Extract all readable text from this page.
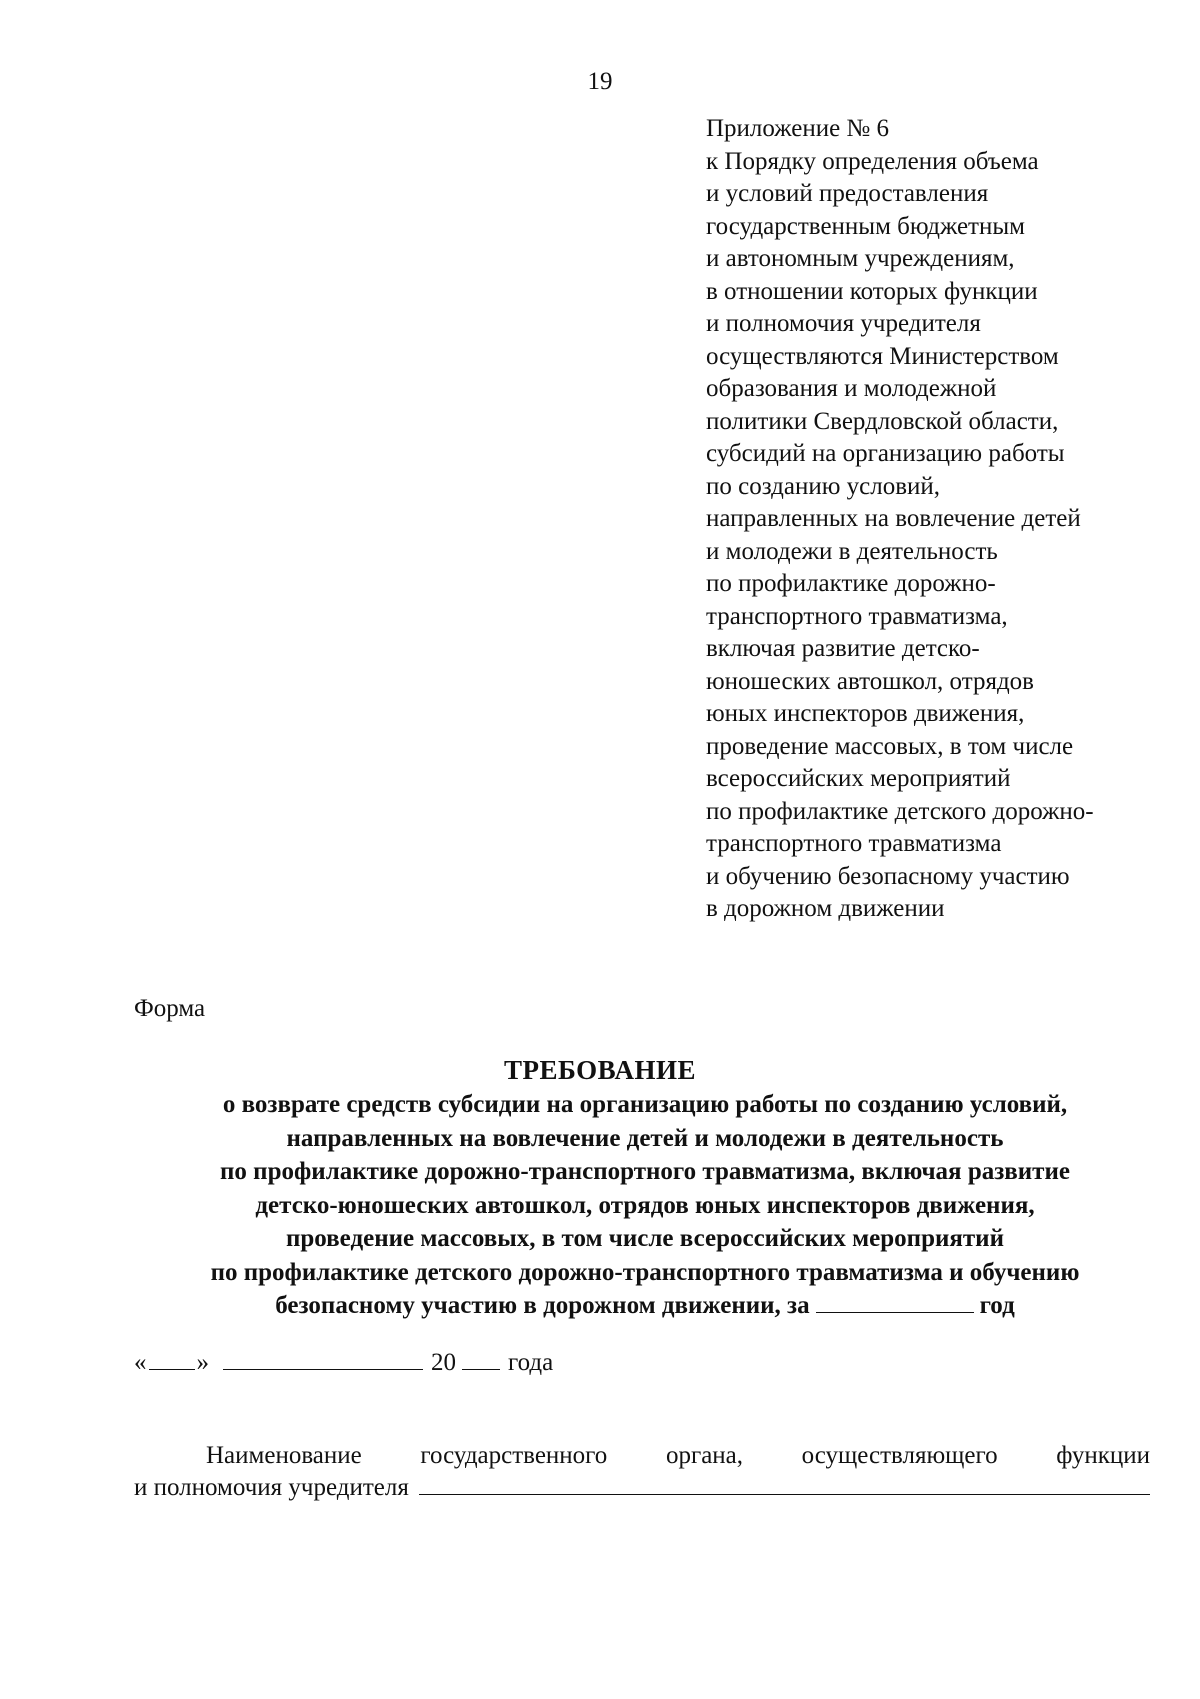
19
Приложение № 6
к Порядку определения объема
и условий предоставления
государственным бюджетным
и автономным учреждениям,
в отношении которых функции
и полномочия учредителя
осуществляются Министерством
образования и молодежной
политики Свердловской области,
субсидий на организацию работы
по созданию условий,
направленных на вовлечение детей
и молодежи в деятельность
по профилактике дорожно-
транспортного травматизма,
включая развитие детско-
юношеских автошкол, отрядов
юных инспекторов движения,
проведение массовых, в том числе
всероссийских мероприятий
по профилактике детского дорожно-
транспортного травматизма
и обучению безопасному участию
в дорожном движении
Форма
ТРЕБОВАНИЕ
о возврате средств субсидии на организацию работы по созданию условий,
направленных на вовлечение детей и молодежи в деятельность
по профилактике дорожно-транспортного травматизма, включая развитие
детско-юношеских автошкол, отрядов юных инспекторов движения,
проведение массовых, в том числе всероссийских мероприятий
по профилактике детского дорожно-транспортного травматизма и обучению
безопасному участию в дорожном движении, за	год
« »	20 года
Наименование государственного органа, осуществляющего функции
и полномочия учредителя
